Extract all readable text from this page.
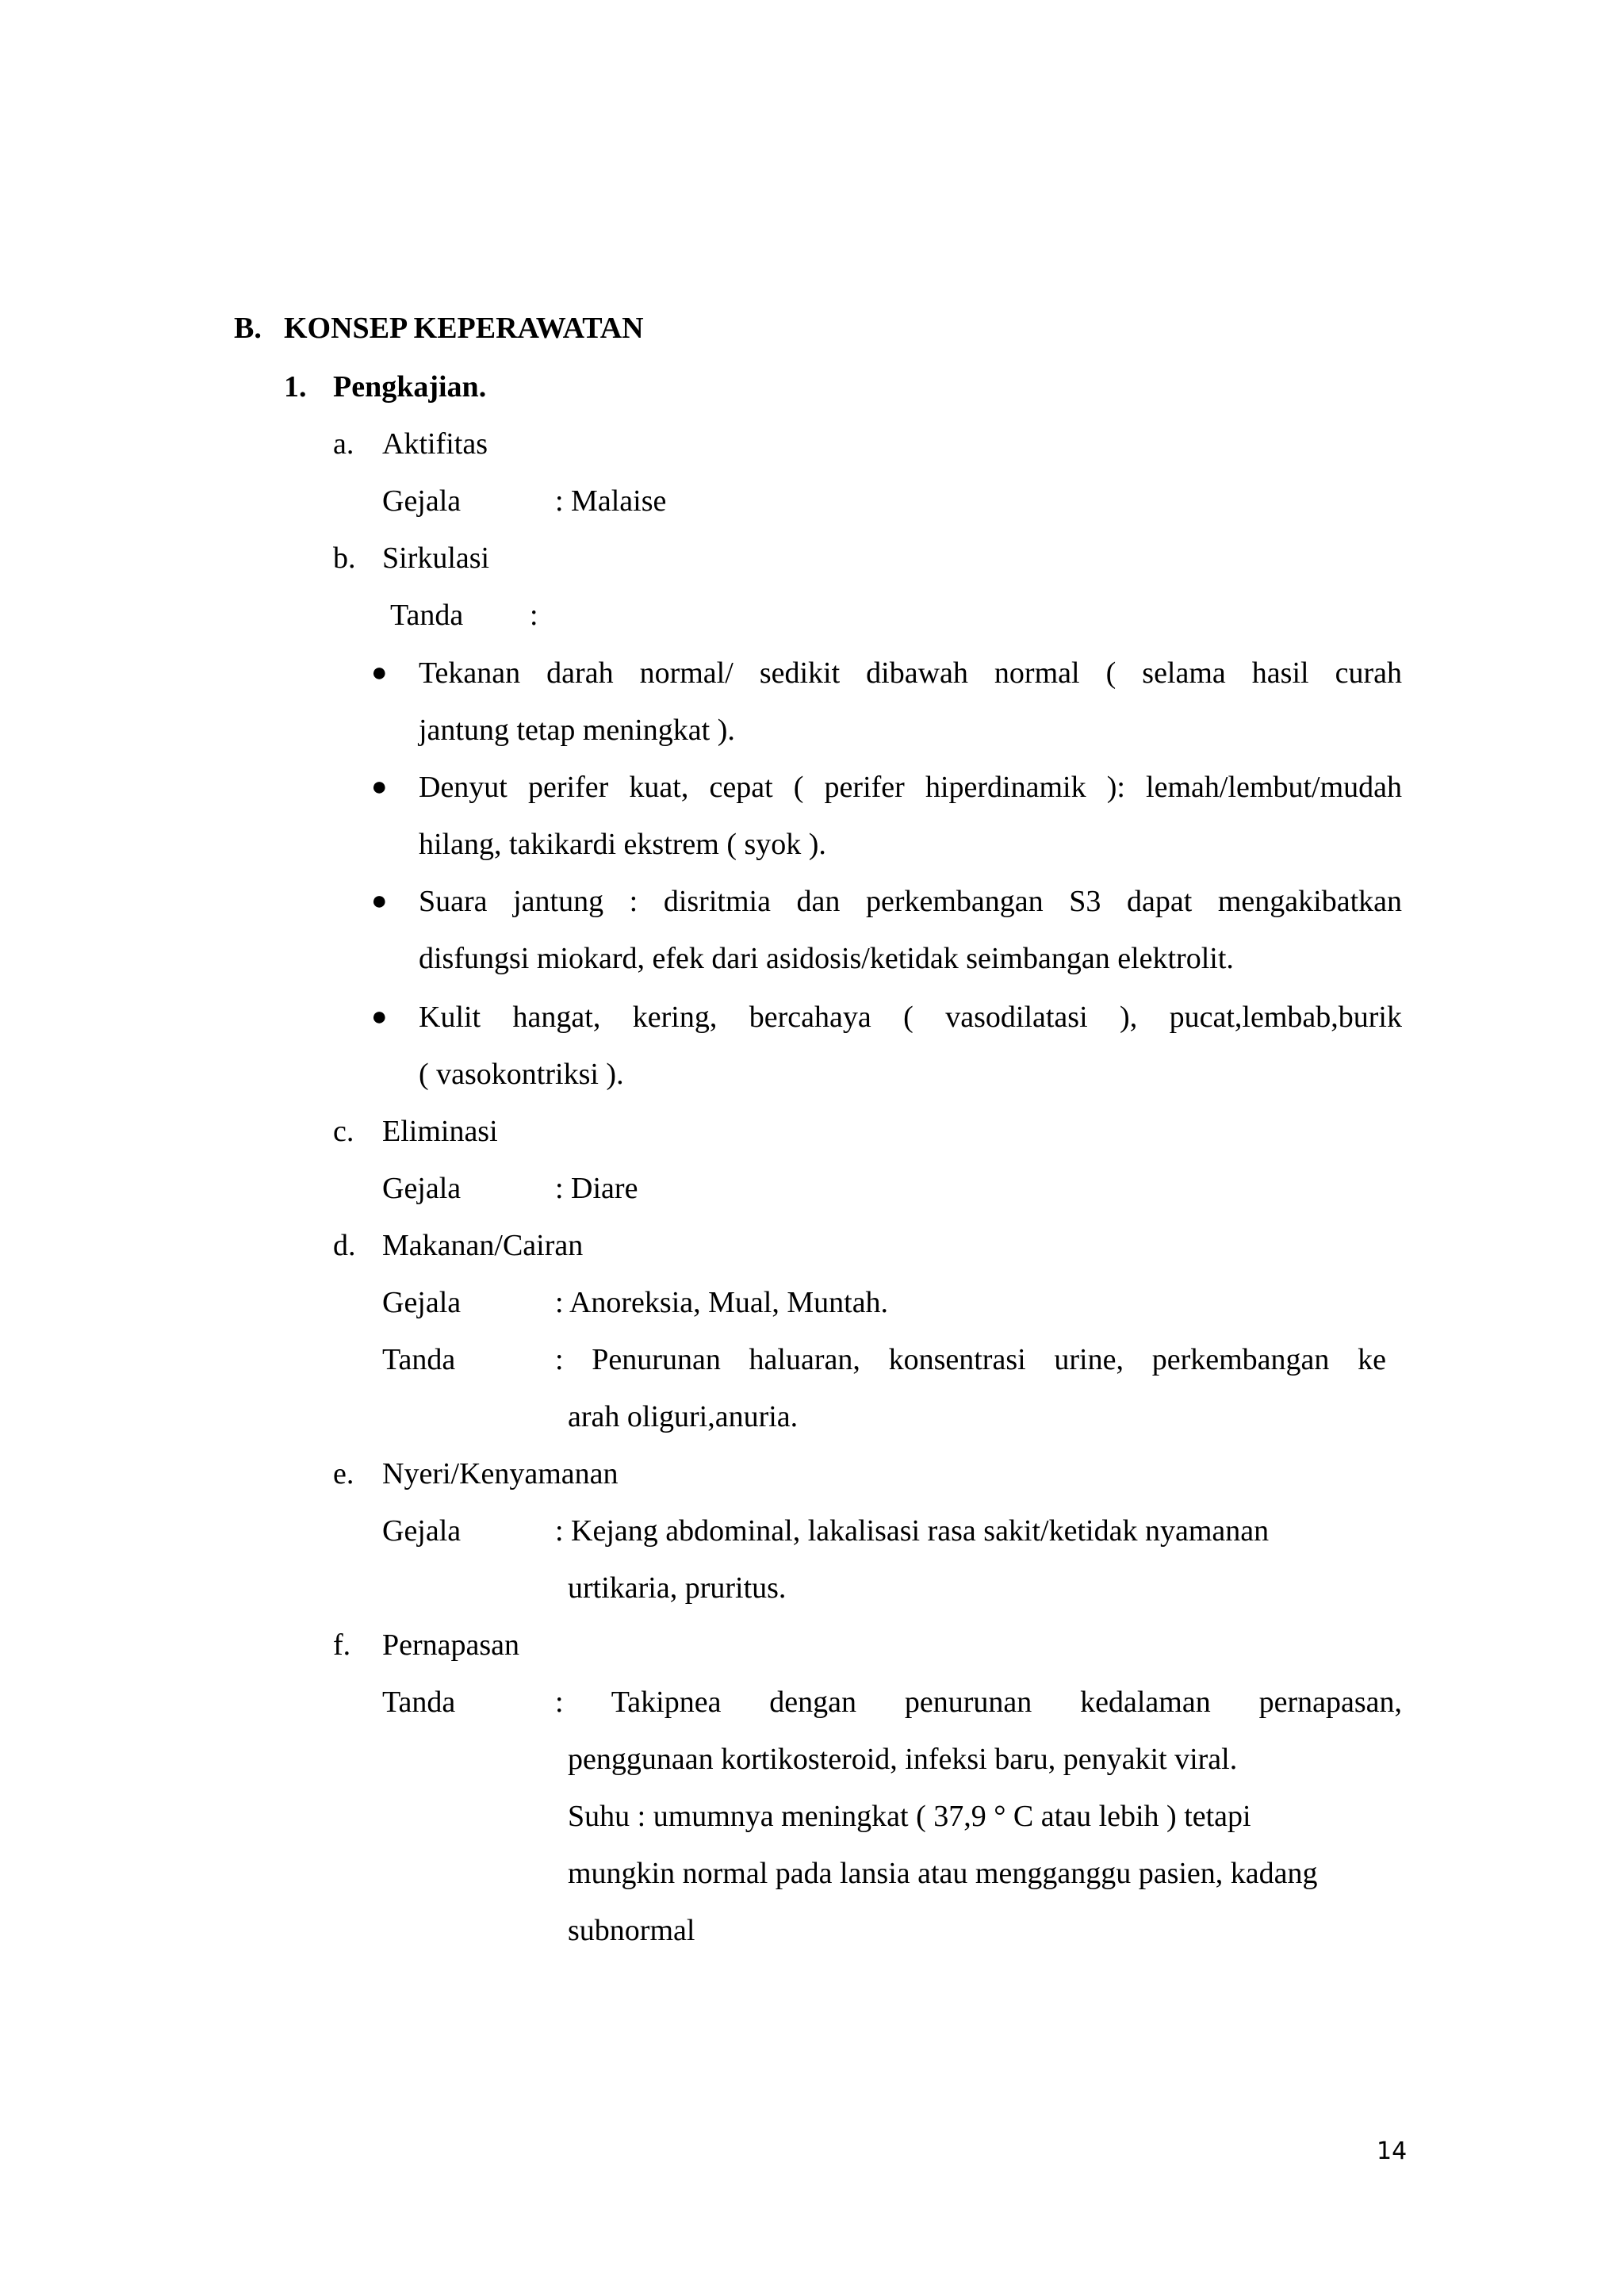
B. KONSEP KEPERAWATAN
1. Pengkajian.
a. Aktifitas
Gejala	: Malaise
b. Sirkulasi
Tanda :
● Tekanan darah normal/ sedikit dibawah normal ( selama hasil curah
jantung tetap meningkat ).
● Denyut perifer kuat, cepat ( perifer hiperdinamik ): lemah/lembut/mudah
hilang, takikardi ekstrem ( syok ).
● Suara jantung : disritmia dan perkembangan S3 dapat mengakibatkan
disfungsi miokard, efek dari asidosis/ketidak seimbangan elektrolit.
● Kulit hangat, kering, bercahaya ( vasodilatasi ), pucat,lembab,burik
( vasokontriksi ).
c. Eliminasi
Gejala	: Diare
d. Makanan/Cairan
Gejala	: Anoreksia, Mual, Muntah.
Tanda	: Penurunan haluaran, konsentrasi urine, perkembangan ke
arah oliguri,anuria.
e. Nyeri/Kenyamanan
Gejala	: Kejang abdominal, lakalisasi rasa sakit/ketidak nyamanan
urtikaria, pruritus.
f. Pernapasan
Tanda	: Takipnea dengan penurunan kedalaman pernapasan,
penggunaan kortikosteroid, infeksi baru, penyakit viral.
Suhu : umumnya meningkat ( 37,9 ° C atau lebih ) tetapi
mungkin normal pada lansia atau mengganggu pasien, kadang
subnormal
14
